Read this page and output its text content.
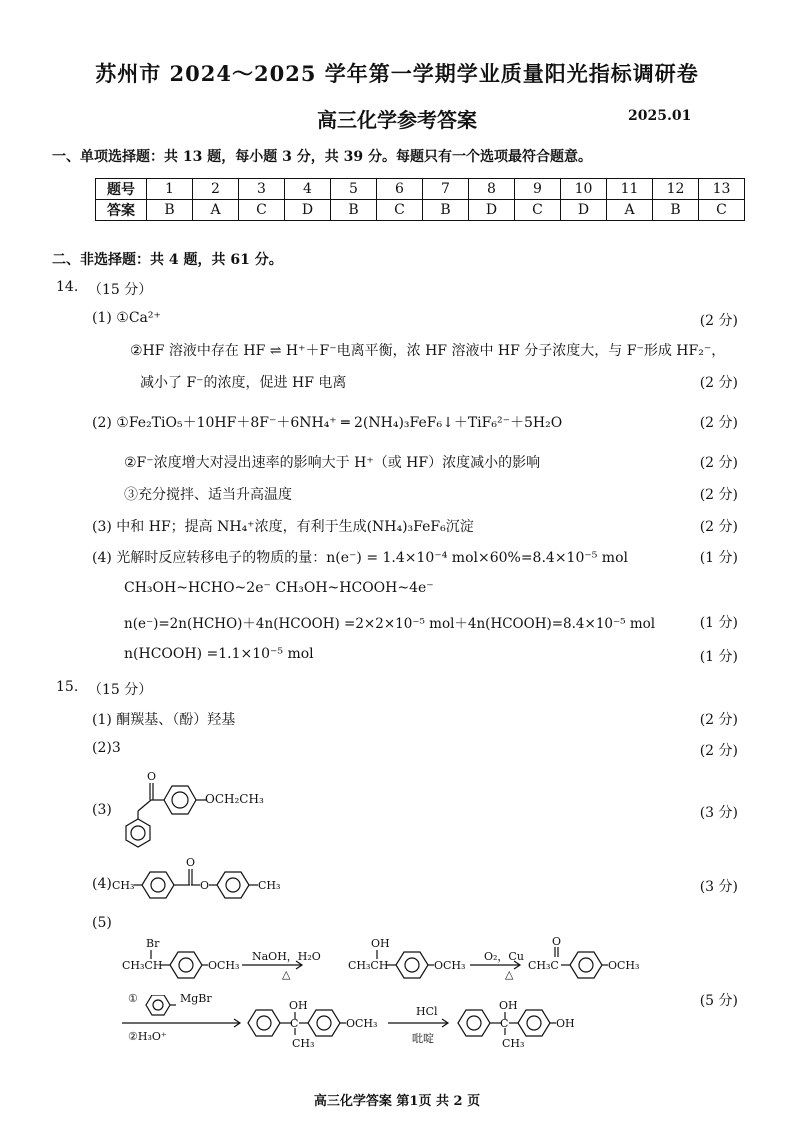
苏州市 2024～2025 学年第一学期学业质量阳光指标调研卷
高三化学参考答案	2025.01
一、单项选择题：共 13 题，每小题 3 分，共 39 分。每题只有一个选项最符合题意。
题号	1	2	3	4	5	6	7	8	9	10	11	12	13
答案	B	A	C	D	B	C	B	D	C	D	A	B	C
二、非选择题：共 4 题，共 61 分。
14. （15 分）
(1) ①Ca²⁺	(2 分)
②HF 溶液中存在 HF ⇌ H⁺＋F⁻电离平衡，浓 HF 溶液中 HF 分子浓度大，与 F⁻形成 HF₂⁻，
减小了 F⁻的浓度，促进 HF 电离	(2 分)
(2) ①Fe₂TiO₅＋10HF＋8F⁻＋6NH₄⁺ ═ 2(NH₄)₃FeF₆↓＋TiF₆²⁻＋5H₂O	(2 分)
②F⁻浓度增大对浸出速率的影响大于 H⁺（或 HF）浓度减小的影响	(2 分)
③充分搅拌、适当升高温度	(2 分)
(3) 中和 HF；提高 NH₄⁺浓度，有利于生成(NH₄)₃FeF₆沉淀	(2 分)
(4) 光解时反应转移电子的物质的量：n(e⁻) = 1.4×10⁻⁴ mol×60%=8.4×10⁻⁵ mol	(1 分)
CH₃OH~HCHO~2e⁻ CH₃OH~HCOOH~4e⁻
n(e⁻)=2n(HCHO)＋4n(HCOOH) =2×2×10⁻⁵ mol＋4n(HCOOH)=8.4×10⁻⁵ mol	(1 分)
n(HCOOH) =1.1×10⁻⁵ mol	(1 分)
15. （15 分）
(1) 酮羰基、（酚）羟基	(2 分)
(2)3	(2 分)
(3)	(3 分)
O
OCH₂CH₃
(4)	(3 分)
CH₃
O
O	CH₃
(5)
(5 分)
Br
CH₃CH	OCH₃
OH
CH₃CH	OCH₃	CH₃C
O
OCH₃
NaOH，H₂O
△
O₂，Cu
△
OH
C
CH₃
OCH₃
OH
C
CH₃
OH
①	MgBr
②H₃O⁺
HCl
吡啶
高三化学答案 第1页 共 2 页
